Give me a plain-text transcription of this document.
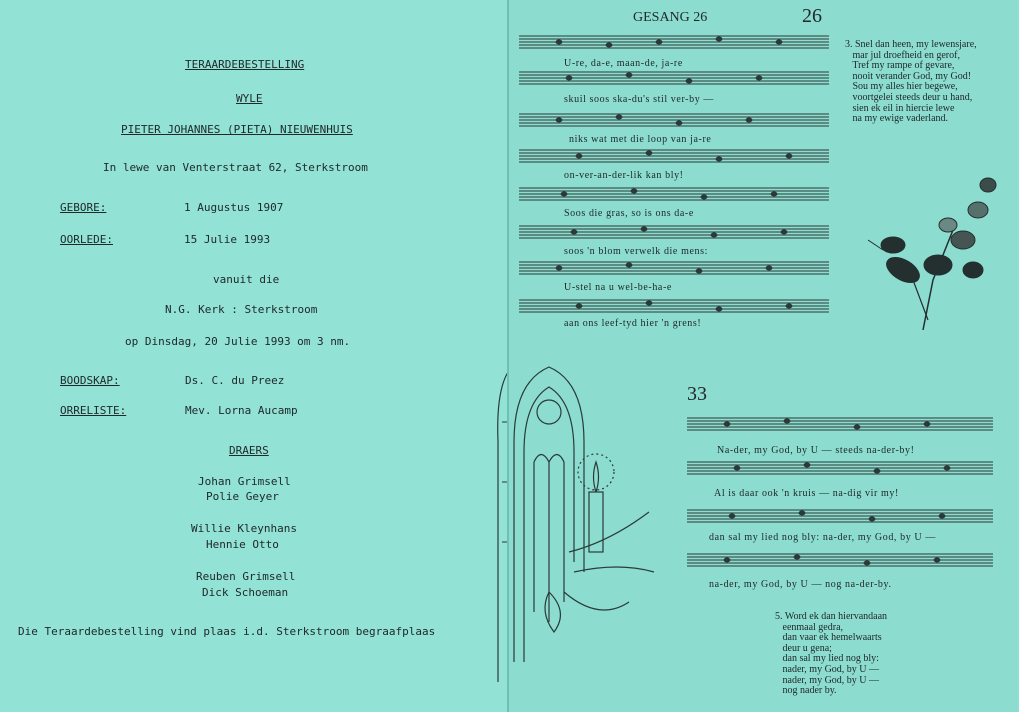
TERAARDEBESTELLING
WYLE
PIETER JOHANNES (PIETA) NIEUWENHUIS
In lewe van Venterstraat 62, Sterkstroom
GEBORE:	1 Augustus 1907
OORLEDE:	15 Julie 1993
vanuit die
N.G. Kerk : Sterkstroom
op Dinsdag, 20 Julie 1993 om 3 nm.
BOODSKAP:	Ds. C. du Preez
ORRELISTE:	Mev. Lorna Aucamp
DRAERS
Johan Grimsell
Polie Geyer
Willie Kleynhans
Hennie Otto
Reuben Grimsell
Dick Schoeman
Die Teraardebestelling vind plaas i.d. Sterkstroom begraafplaas
GESANG 26	26
U-re, da-e, maan-de, ja-re
skuil soos ska-du's stil ver-by —
niks wat met die loop van ja-re
on-ver-an-der-lik kan bly!
Soos die gras, so is ons da-e
soos 'n blom verwelk die mens:
U-stel na u wel-be-ha-e
aan ons leef-tyd hier 'n grens!
3. Snel dan heen, my lewensjare,
mar jul droefheid en gerof,
Tref my rampe of gevare,
nooit verander God, my God!
Sou my alles hier begewe,
voortgelei steeds deur u hand,
sien ek eil in hiercie lewe
na my ewige vaderland.
33
Na-der, my God, by U — steeds na-der-by!
Al is daar ook 'n kruis — na-dig vir my!
dan sal my lied nog bly: na-der, my God, by U —
na-der, my God, by U — nog na-der-by.
5. Word ek dan hiervandaan
eenmaal gedra,
dan vaar ek hemelwaarts
deur u gena;
dan sal my lied nog bly:
nader, my God, by U —
nader, my God, by U —
nog nader by.
